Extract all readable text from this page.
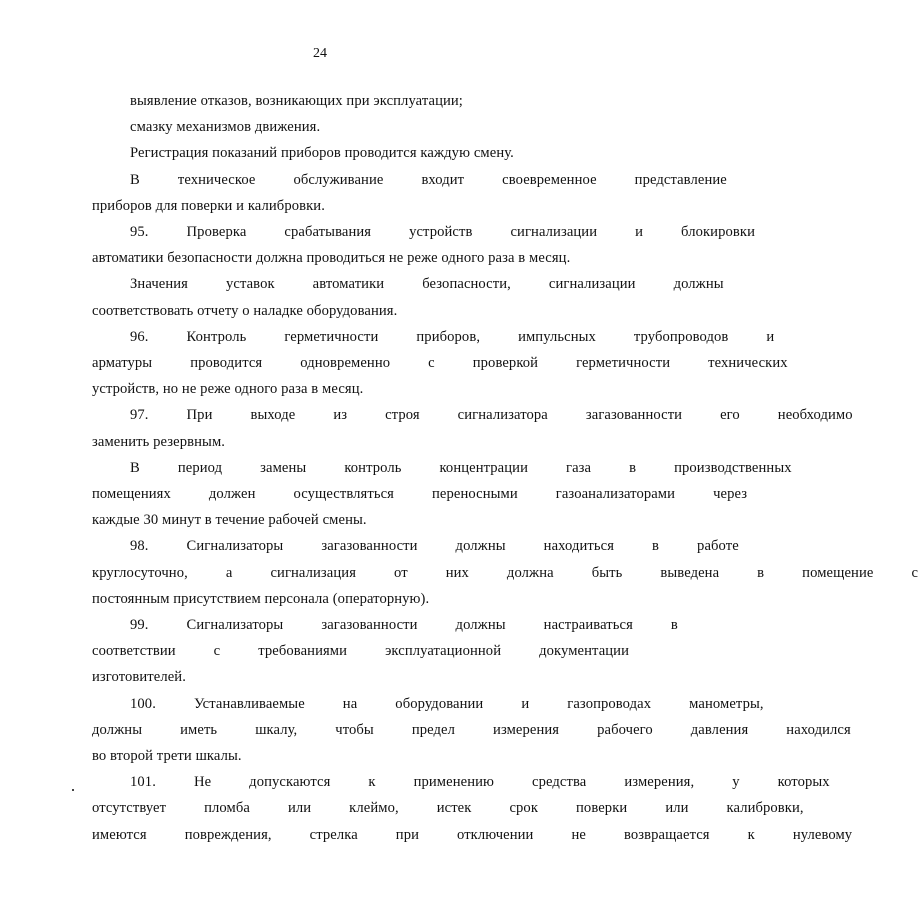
24

выявление отказов, возникающих при эксплуатации;

смазку механизмов движения.

Регистрация показаний приборов проводится каждую смену.

В	техническое	обслуживание	входит	своевременное	представление
приборов для поверки и калибровки.

95.	Проверка	срабатывания	устройств	сигнализации	и	блокировки
автоматики безопасности должна проводиться не реже одного раза в месяц.

Значения	уставок	автоматики	безопасности,	сигнализации	должны
соответствовать отчету о наладке оборудования.

96.	Контроль	герметичности	приборов,	импульсных	трубопроводов	и
арматуры	проводится	одновременно	с	проверкой	герметичности	технических
устройств, но не реже одного раза в месяц.

97.	При	выходе	из	строя	сигнализатора	загазованности	его	необходимо
заменить резервным.

В	период	замены	контроль	концентрации	газа	в	производственных
помещениях	должен	осуществляться	переносными	газоанализаторами	через
каждые 30 минут в течение рабочей смены.

98.	Сигнализаторы	загазованности	должны	находиться	в	работе
круглосуточно,	а	сигнализация	от	них	должна	быть	выведена	в	помещение	с
постоянным присутствием персонала (операторную).

99.	Сигнализаторы	загазованности	должны	настраиваться	в
соответствии	с	требованиями	эксплуатационной	документации
изготовителей.

100.	Устанавливаемые	на	оборудовании	и	газопроводах	манометры,
должны	иметь	шкалу,	чтобы	предел	измерения	рабочего	давления	находился
во второй трети шкалы.

101.	Не	допускаются	к	применению	средства	измерения,	у	которых
отсутствует	пломба	или	клеймо,	истек	срок	поверки	или	калибровки,
имеются	повреждения,	стрелка	при	отключении	не	возвращается	к	нулевому
